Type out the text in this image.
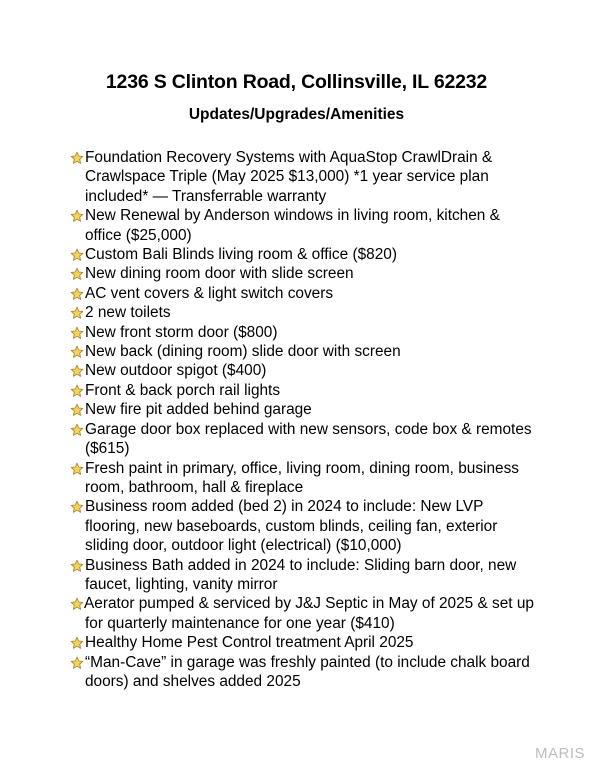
1236 S Clinton Road, Collinsville, IL 62232
Updates/Upgrades/Amenities
Foundation Recovery Systems with AquaStop CrawlDrain & Crawlspace Triple (May 2025 $13,000) *1 year service plan included* — Transferrable warranty
New Renewal by Anderson windows in living room, kitchen & office ($25,000)
Custom Bali Blinds living room & office ($820)
New dining room door with slide screen
AC vent covers & light switch covers
2 new toilets
New front storm door ($800)
New back (dining room) slide door with screen
New outdoor spigot ($400)
Front & back porch rail lights
New fire pit added behind garage
Garage door box replaced with new sensors, code box & remotes ($615)
Fresh paint in primary, office, living room, dining room, business room, bathroom, hall & fireplace
Business room added (bed 2) in 2024 to include: New LVP flooring, new baseboards, custom blinds, ceiling fan, exterior sliding door, outdoor light (electrical) ($10,000)
Business Bath added in 2024 to include: Sliding barn door, new faucet, lighting, vanity mirror
Aerator pumped & serviced by J&J Septic in May of 2025 & set up for quarterly maintenance for one year ($410)
Healthy Home Pest Control treatment April 2025
“Man-Cave” in garage was freshly painted (to include chalk board doors) and shelves added 2025
MARIS
